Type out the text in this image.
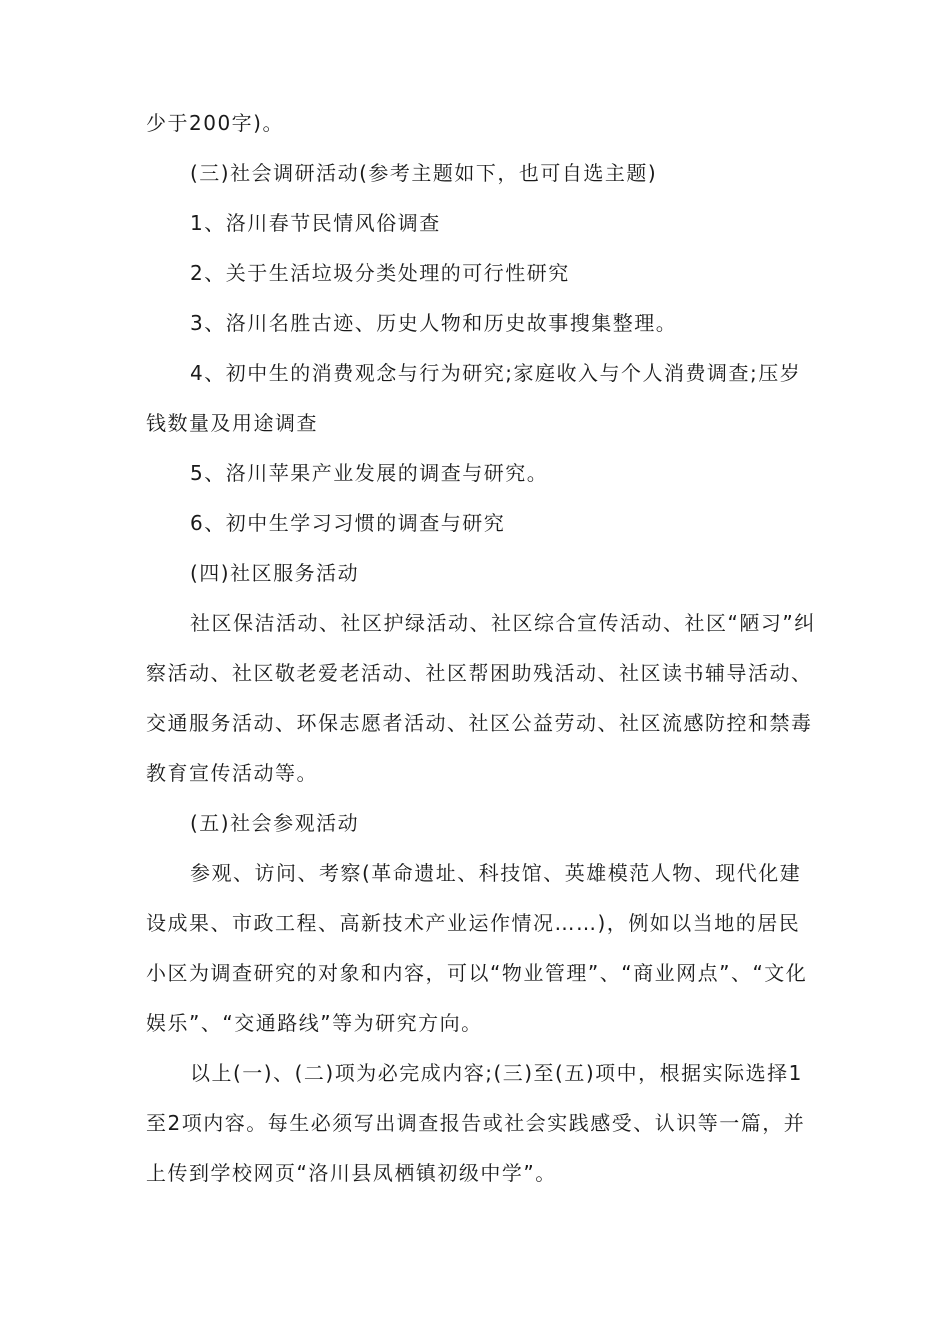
少于200字)。

(三)社会调研活动(参考主题如下，也可自选主题)

1、洛川春节民情风俗调查

2、关于生活垃圾分类处理的可行性研究

3、洛川名胜古迹、历史人物和历史故事搜集整理。

4、初中生的消费观念与行为研究;家庭收入与个人消费调查;压岁钱数量及用途调查

5、洛川苹果产业发展的调查与研究。

6、初中生学习习惯的调查与研究

(四)社区服务活动

社区保洁活动、社区护绿活动、社区综合宣传活动、社区“陋习”纠察活动、社区敬老爱老活动、社区帮困助残活动、社区读书辅导活动、交通服务活动、环保志愿者活动、社区公益劳动、社区流感防控和禁毒教育宣传活动等。

(五)社会参观活动

参观、访问、考察(革命遗址、科技馆、英雄模范人物、现代化建设成果、市政工程、高新技术产业运作情况……)，例如以当地的居民小区为调查研究的对象和内容，可以“物业管理”、“商业网点”、“文化娱乐”、“交通路线”等为研究方向。

以上(一)、(二)项为必完成内容;(三)至(五)项中，根据实际选择1至2项内容。每生必须写出调查报告或社会实践感受、认识等一篇，并上传到学校网页“洛川县凤栖镇初级中学”。
